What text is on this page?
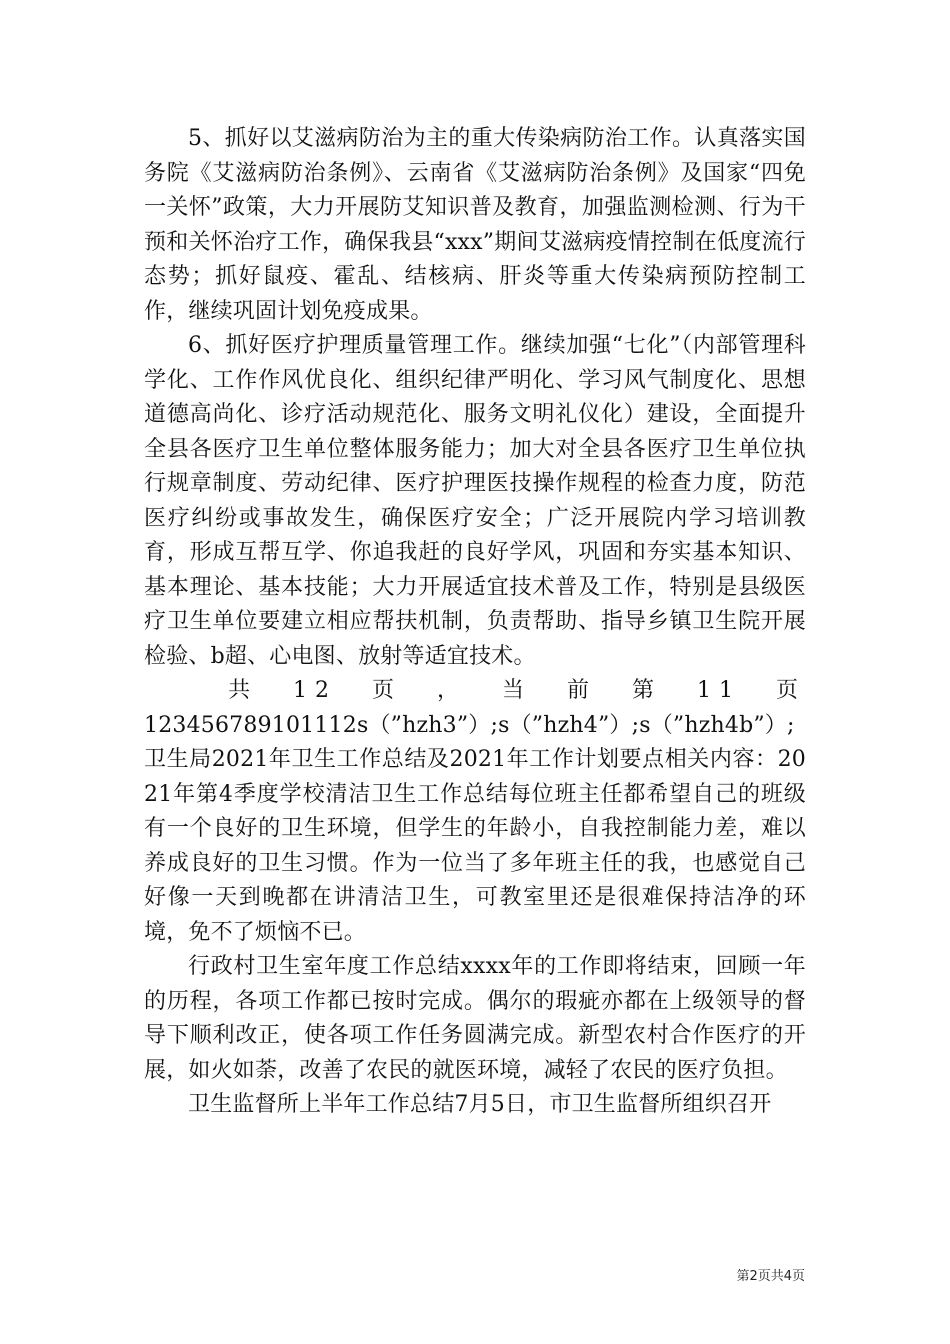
5、抓好以艾滋病防治为主的重大传染病防治工作。认真落实国务院《艾滋病防治条例》、云南省《艾滋病防治条例》及国家“四免一关怀”政策，大力开展防艾知识普及教育，加强监测检测、行为干预和关怀治疗工作，确保我县“xxx”期间艾滋病疫情控制在低度流行态势；抓好鼠疫、霍乱、结核病、肝炎等重大传染病预防控制工作，继续巩固计划免疫成果。

6、抓好医疗护理质量管理工作。继续加强“七化”（内部管理科学化、工作作风优良化、组织纪律严明化、学习风气制度化、思想道德高尚化、诊疗活动规范化、服务文明礼仪化）建设，全面提升全县各医疗卫生单位整体服务能力；加大对全县各医疗卫生单位执行规章制度、劳动纪律、医疗护理医技操作规程的检查力度，防范医疗纠纷或事故发生，确保医疗安全；广泛开展院内学习培训教育，形成互帮互学、你追我赶的良好学风，巩固和夯实基本知识、基本理论、基本技能；大力开展适宜技术普及工作，特别是县级医疗卫生单位要建立相应帮扶机制，负责帮助、指导乡镇卫生院开展检验、b超、心电图、放射等适宜技术。

共 12 页 ， 当 前 第 11 页

123456789101112s（”hzh3”）;s（”hzh4”）;s（”hzh4b”）;

卫生局2021年卫生工作总结及2021年工作计划要点相关内容：2021年第4季度学校清洁卫生工作总结每位班主任都希望自己的班级有一个良好的卫生环境，但学生的年龄小，自我控制能力差，难以养成良好的卫生习惯。作为一位当了多年班主任的我，也感觉自己好像一天到晚都在讲清洁卫生，可教室里还是很难保持洁净的环境，免不了烦恼不已。

行政村卫生室年度工作总结xxxx年的工作即将结束，回顾一年的历程，各项工作都已按时完成。偶尔的瑕疵亦都在上级领导的督导下顺利改正，使各项工作任务圆满完成。新型农村合作医疗的开展，如火如荼，改善了农民的就医环境，减轻了农民的医疗负担。

卫生监督所上半年工作总结7月5日，市卫生监督所组织召开

第2页共4页
